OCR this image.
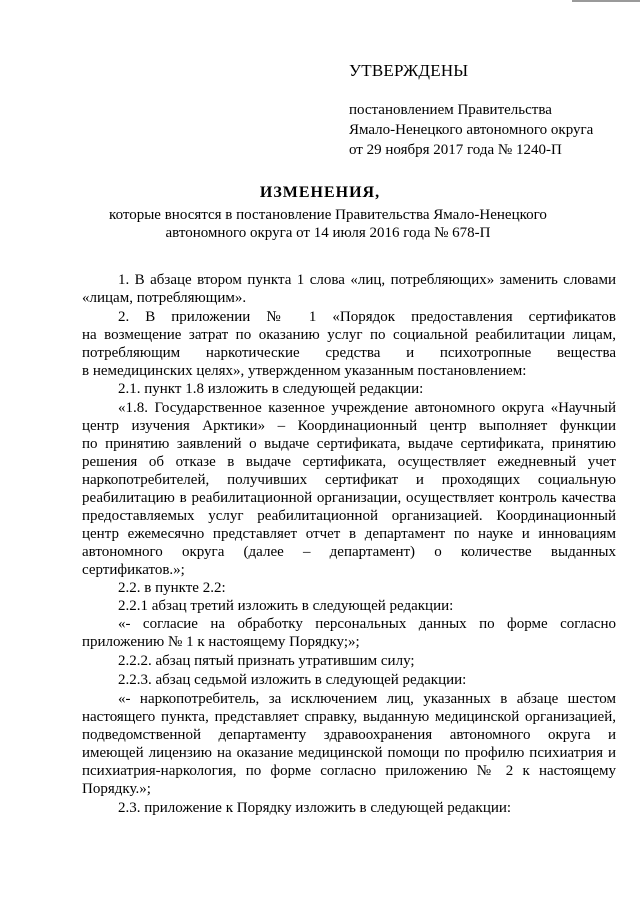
УТВЕРЖДЕНЫ
постановлением Правительства
Ямало-Ненецкого автономного округа
от 29 ноября 2017 года № 1240-П
ИЗМЕНЕНИЯ,
которые вносятся в постановление Правительства Ямало-Ненецкого
автономного округа от 14 июля 2016 года № 678-П
1. В абзаце втором пункта 1 слова «лиц, потребляющих» заменить словами
«лицам, потребляющим».
2. В приложении № 1 «Порядок предоставления сертификатов
на возмещение затрат по оказанию услуг по социальной реабилитации лицам,
потребляющим наркотические средства и психотропные вещества
в немедицинских целях», утвержденном указанным постановлением:
2.1. пункт 1.8 изложить в следующей редакции:
«1.8. Государственное казенное учреждение автономного округа «Научный
центр изучения Арктики» – Координационный центр выполняет функции
по принятию заявлений о выдаче сертификата, выдаче сертификата, принятию
решения об отказе в выдаче сертификата, осуществляет ежедневный учет
наркопотребителей, получивших сертификат и проходящих социальную
реабилитацию в реабилитационной организации, осуществляет контроль качества
предоставляемых услуг реабилитационной организацией. Координационный
центр ежемесячно представляет отчет в департамент по науке и инновациям
автономного округа (далее – департамент) о количестве выданных
сертификатов.»;
2.2. в пункте 2.2:
2.2.1 абзац третий изложить в следующей редакции:
«- согласие на обработку персональных данных по форме согласно
приложению № 1 к настоящему Порядку;»;
2.2.2. абзац пятый признать утратившим силу;
2.2.3. абзац седьмой изложить в следующей редакции:
«- наркопотребитель, за исключением лиц, указанных в абзаце шестом
настоящего пункта, представляет справку, выданную медицинской организацией,
подведомственной департаменту здравоохранения автономного округа и
имеющей лицензию на оказание медицинской помощи по профилю психиатрия и
психиатрия-наркология, по форме согласно приложению № 2 к настоящему
Порядку.»;
2.3. приложение к Порядку изложить в следующей редакции:
